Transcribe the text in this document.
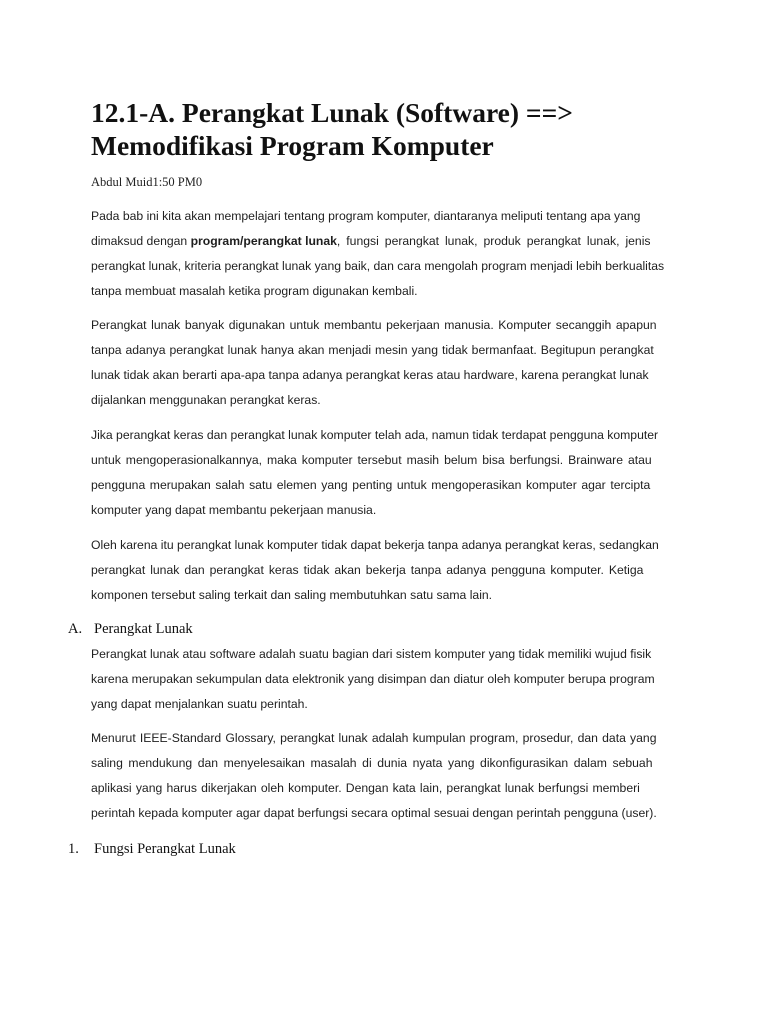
12.1-A. Perangkat Lunak (Software) ==>
Memodifikasi Program Komputer

Abdul Muid1:50 PM0

Pada bab ini kita akan mempelajari tentang program komputer, diantaranya meliputi tentang apa yang
dimaksud dengan program/perangkat lunak, fungsi perangkat lunak, produk perangkat lunak, jenis
perangkat lunak, kriteria perangkat lunak yang baik, dan cara mengolah program menjadi lebih berkualitas
tanpa membuat masalah ketika program digunakan kembali.
Perangkat lunak banyak digunakan untuk membantu pekerjaan manusia. Komputer secanggih apapun
tanpa adanya perangkat lunak hanya akan menjadi mesin yang tidak bermanfaat. Begitupun perangkat
lunak tidak akan berarti apa-apa tanpa adanya perangkat keras atau hardware, karena perangkat lunak
dijalankan menggunakan perangkat keras.
Jika perangkat keras dan perangkat lunak komputer telah ada, namun tidak terdapat pengguna komputer
untuk mengoperasionalkannya, maka komputer tersebut masih belum bisa berfungsi. Brainware atau
pengguna merupakan salah satu elemen yang penting untuk mengoperasikan komputer agar tercipta
komputer yang dapat membantu pekerjaan manusia.
Oleh karena itu perangkat lunak komputer tidak dapat bekerja tanpa adanya perangkat keras, sedangkan
perangkat lunak dan perangkat keras tidak akan bekerja tanpa adanya pengguna komputer. Ketiga
komponen tersebut saling terkait dan saling membutuhkan satu sama lain.
A. Perangkat Lunak
Perangkat lunak atau software adalah suatu bagian dari sistem komputer yang tidak memiliki wujud fisik
karena merupakan sekumpulan data elektronik yang disimpan dan diatur oleh komputer berupa program
yang dapat menjalankan suatu perintah.
Menurut IEEE-Standard Glossary, perangkat lunak adalah kumpulan program, prosedur, dan data yang
saling mendukung dan menyelesaikan masalah di dunia nyata yang dikonfigurasikan dalam sebuah
aplikasi yang harus dikerjakan oleh komputer. Dengan kata lain, perangkat lunak berfungsi memberi
perintah kepada komputer agar dapat berfungsi secara optimal sesuai dengan perintah pengguna (user).
1. Fungsi Perangkat Lunak
